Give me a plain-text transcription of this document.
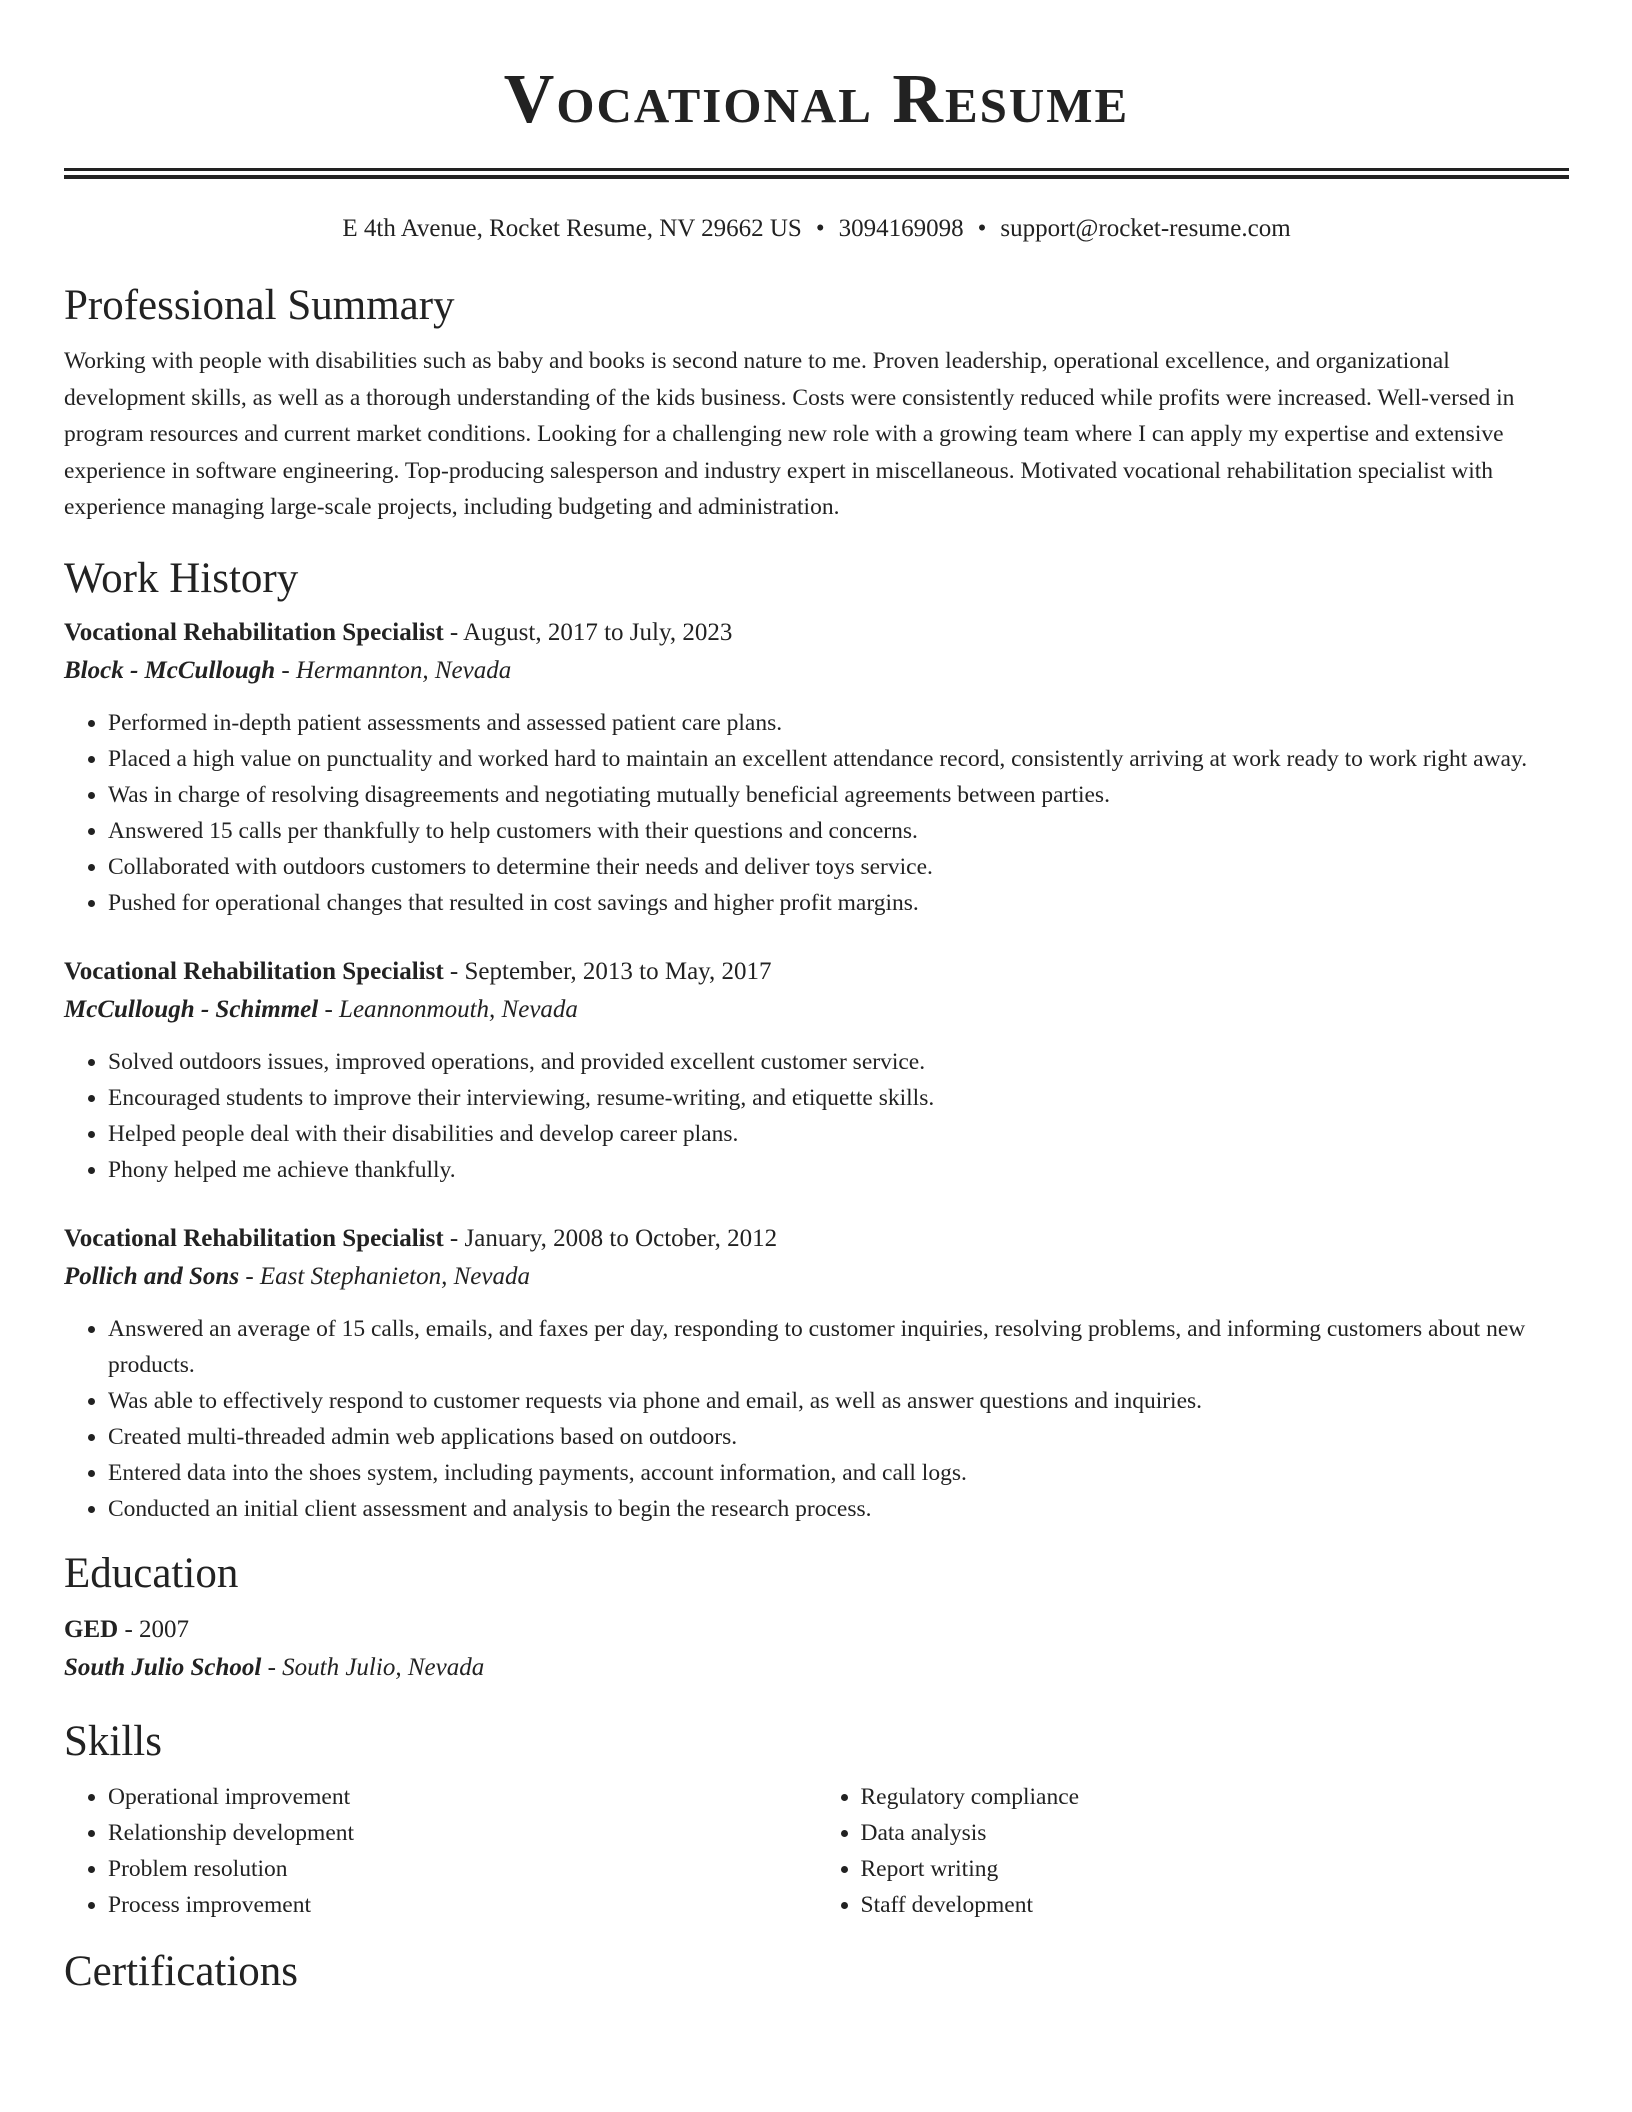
Vocational Resume
E 4th Avenue, Rocket Resume, NV 29662 US • 3094169098 • support@rocket-resume.com
Professional Summary

Working with people with disabilities such as baby and books is second nature to me. Proven leadership, operational excellence, and organizational development skills, as well as a thorough understanding of the kids business. Costs were consistently reduced while profits were increased. Well-versed in program resources and current market conditions. Looking for a challenging new role with a growing team where I can apply my expertise and extensive experience in software engineering. Top-producing salesperson and industry expert in miscellaneous. Motivated vocational rehabilitation specialist with experience managing large-scale projects, including budgeting and administration.

Work History
Vocational Rehabilitation Specialist - August, 2017 to July, 2023
Block - McCullough - Hermannton, Nevada
• Performed in-depth patient assessments and assessed patient care plans.
• Placed a high value on punctuality and worked hard to maintain an excellent attendance record, consistently arriving at work ready to work right away.
• Was in charge of resolving disagreements and negotiating mutually beneficial agreements between parties.
• Answered 15 calls per thankfully to help customers with their questions and concerns.
• Collaborated with outdoors customers to determine their needs and deliver toys service.
• Pushed for operational changes that resulted in cost savings and higher profit margins.
Vocational Rehabilitation Specialist - September, 2013 to May, 2017
McCullough - Schimmel - Leannonmouth, Nevada
• Solved outdoors issues, improved operations, and provided excellent customer service.
• Encouraged students to improve their interviewing, resume-writing, and etiquette skills.
• Helped people deal with their disabilities and develop career plans.
• Phony helped me achieve thankfully.
Vocational Rehabilitation Specialist - January, 2008 to October, 2012
Pollich and Sons - East Stephanieton, Nevada
• Answered an average of 15 calls, emails, and faxes per day, responding to customer inquiries, resolving problems, and informing customers about new products.
• Was able to effectively respond to customer requests via phone and email, as well as answer questions and inquiries.
• Created multi-threaded admin web applications based on outdoors.
• Entered data into the shoes system, including payments, account information, and call logs.
• Conducted an initial client assessment and analysis to begin the research process.
Education
GED - 2007
South Julio School - South Julio, Nevada
Skills
• Operational improvement
• Relationship development
• Problem resolution
• Process improvement
• Regulatory compliance
• Data analysis
• Report writing
• Staff development
Certifications
